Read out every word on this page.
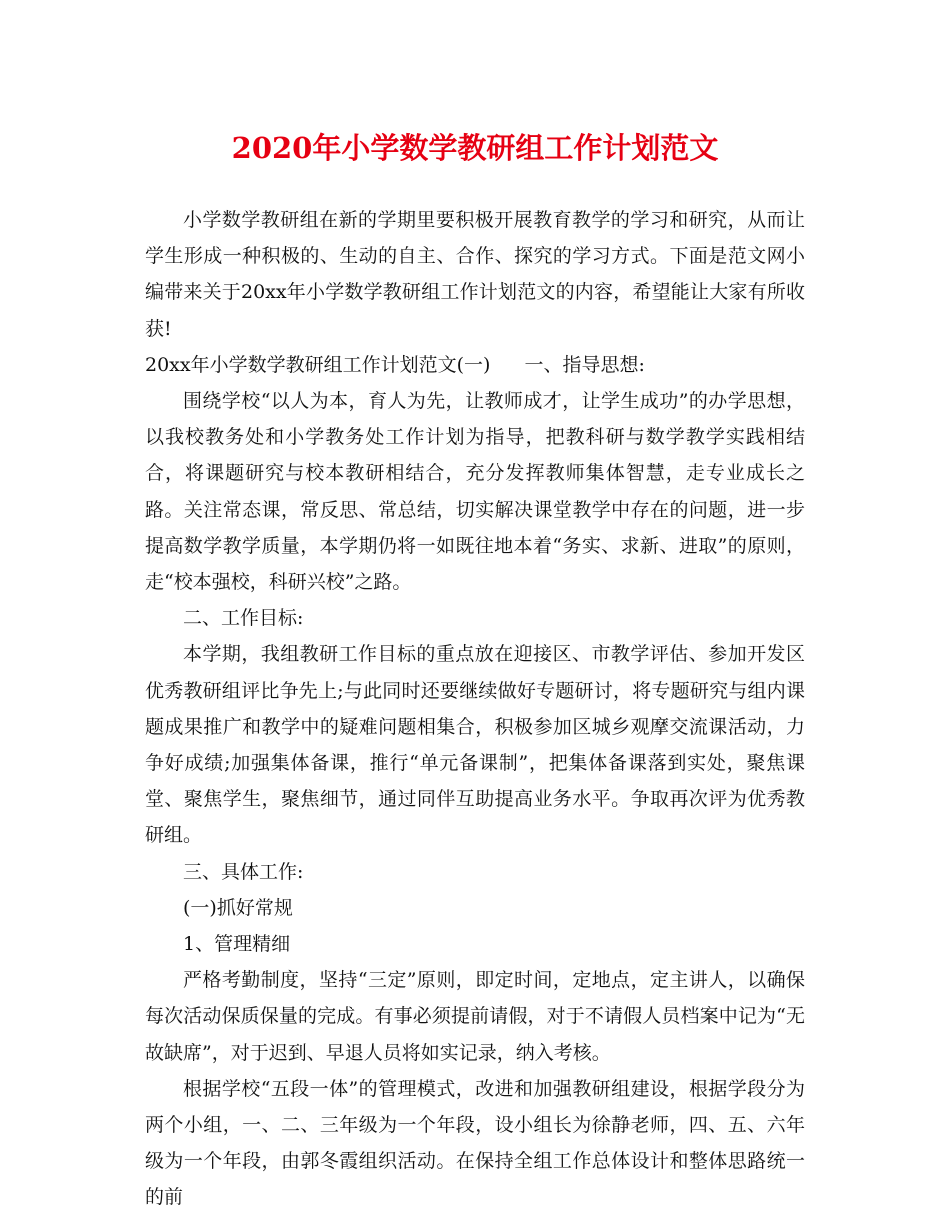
2020年小学数学教研组工作计划范文

小学数学教研组在新的学期里要积极开展教育教学的学习和研究，从而让学生形成一种积极的、生动的自主、合作、探究的学习方式。下面是范文网小编带来关于20xx年小学数学教研组工作计划范文的内容，希望能让大家有所收获!

20xx年小学数学教研组工作计划范文(一) 一、指导思想:

围绕学校“以人为本，育人为先，让教师成才，让学生成功”的办学思想，以我校教务处和小学教务处工作计划为指导，把教科研与数学教学实践相结合，将课题研究与校本教研相结合，充分发挥教师集体智慧，走专业成长之路。关注常态课，常反思、常总结，切实解决课堂教学中存在的问题，进一步提高数学教学质量，本学期仍将一如既往地本着“务实、求新、进取”的原则，走“校本强校，科研兴校”之路。

二、工作目标:

本学期，我组教研工作目标的重点放在迎接区、市教学评估、参加开发区优秀教研组评比争先上;与此同时还要继续做好专题研讨，将专题研究与组内课题成果推广和教学中的疑难问题相集合，积极参加区城乡观摩交流课活动，力争好成绩;加强集体备课，推行“单元备课制”，把集体备课落到实处，聚焦课堂、聚焦学生，聚焦细节，通过同伴互助提高业务水平。争取再次评为优秀教研组。

三、具体工作:

(一)抓好常规

1、管理精细

严格考勤制度，坚持“三定”原则，即定时间，定地点，定主讲人，以确保每次活动保质保量的完成。有事必须提前请假，对于不请假人员档案中记为“无故缺席”，对于迟到、早退人员将如实记录，纳入考核。

根据学校“五段一体”的管理模式，改进和加强教研组建设，根据学段分为两个小组，一、二、三年级为一个年段，设小组长为徐静老师，四、五、六年级为一个年段，由郭冬霞组织活动。在保持全组工作总体设计和整体思路统一的前
